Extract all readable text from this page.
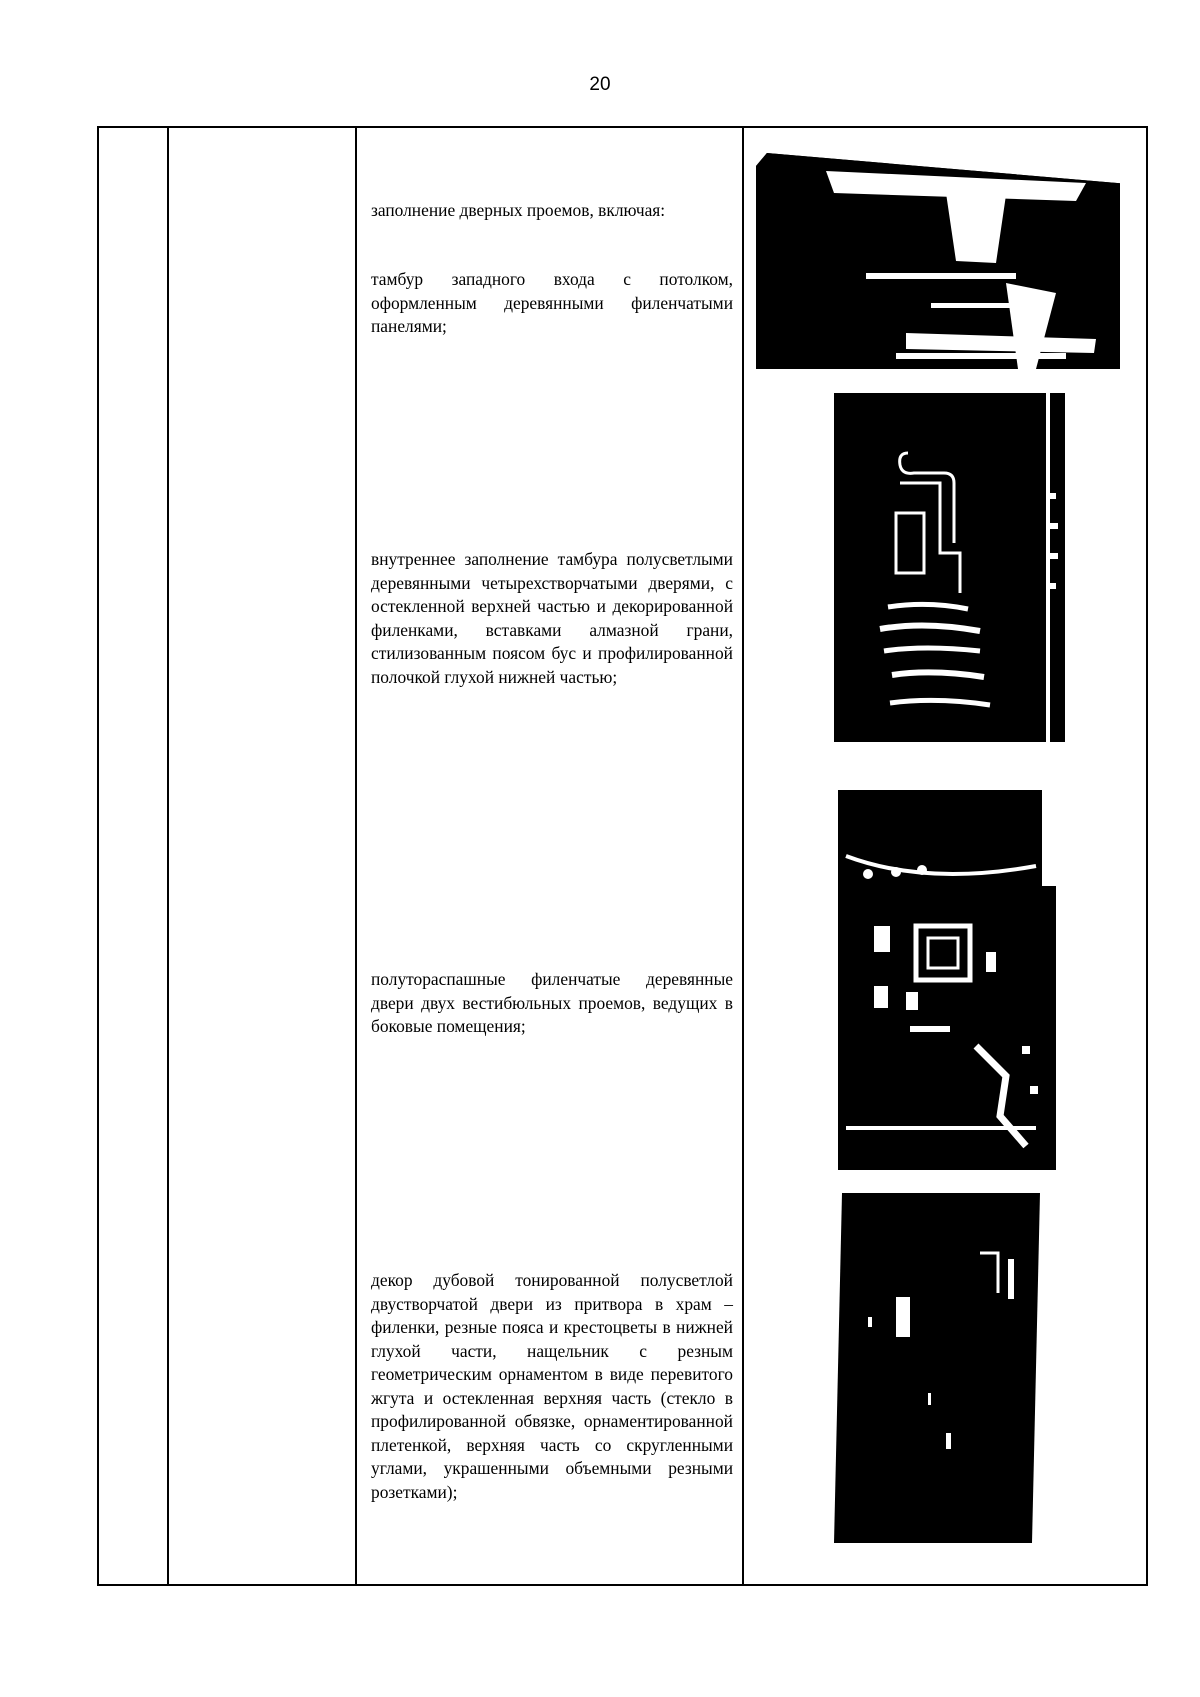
20
заполнение дверных проемов, включая:
тамбур западного входа с потолком, оформленным деревянными филенчатыми панелями;
внутреннее заполнение тамбура полусветлыми деревянными четырехстворчатыми дверями, с остекленной верхней частью и декорированной филенками, вставками алмазной грани, стилизованным поясом бус и профилированной полочкой глухой нижней частью;
полутораспашные филенчатые деревянные двери двух вестибюльных проемов, ведущих в боковые помещения;
декор дубовой тонированной полусветлой двустворчатой двери из притвора в храм – филенки, резные пояса и крестоцветы в нижней глухой части, нащельник с резным геометрическим орнаментом в виде перевитого жгута и остекленная верхняя часть (стекло в профилированной обвязке, орнаментированной плетенкой, верхняя часть со скругленными углами, украшенными объемными резными розетками);
